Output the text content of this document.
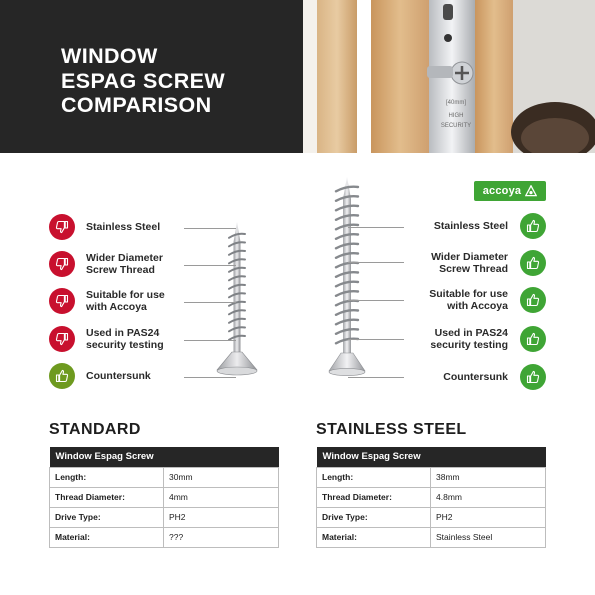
WINDOW
ESPAG SCREW
COMPARISON	[40mm]
HIGH
SECURITY
accoya
Stainless Steel
Wider Diameter
Screw Thread
Suitable for use
with Accoya
Used in PAS24
security testing
Countersunk
Stainless Steel
Wider Diameter
Screw Thread
Suitable for use
with Accoya
Used in PAS24
security testing
Countersunk
STANDARD
Window Espag Screw	
Length:	30mm
Thread Diameter:	4mm
Drive Type:	PH2
Material:	???
STAINLESS STEEL
Window Espag Screw	
Length:	38mm
Thread Diameter:	4.8mm
Drive Type:	PH2
Material:	Stainless Steel
